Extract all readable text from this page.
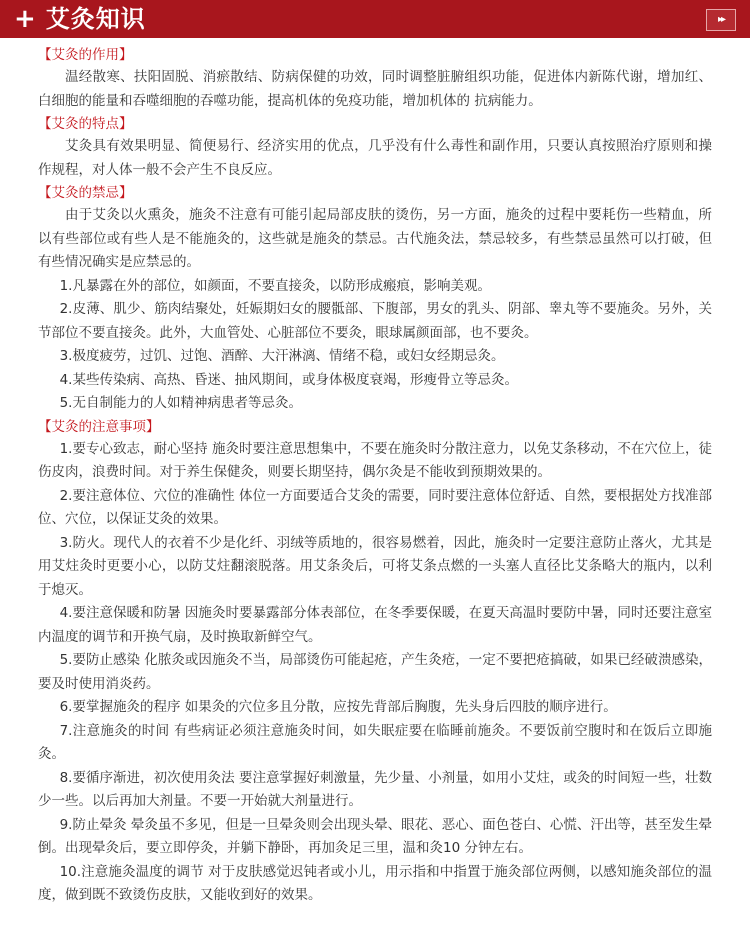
+ 艾灸知识	▸▸
【艾灸的作用】

温经散寒、扶阳固脱、消瘀散结、防病保健的功效，同时调整脏腑组织功能，促进体内新陈代谢，增加红、白细胞的能量和吞噬细胞的吞噬功能，提高机体的免疫功能，增加机体的 抗病能力。

【艾灸的特点】

艾灸具有效果明显、简便易行、经济实用的优点，几乎没有什么毒性和副作用，只要认真按照治疗原则和操作规程，对人体一般不会产生不良反应。

【艾灸的禁忌】

由于艾灸以火熏灸，施灸不注意有可能引起局部皮肤的烫伤，另一方面，施灸的过程中要耗伤一些精血，所以有些部位或有些人是不能施灸的，这些就是施灸的禁忌。古代施灸法，禁忌较多，有些禁忌虽然可以打破，但有些情况确实是应禁忌的。

1.凡暴露在外的部位，如颜面，不要直接灸，以防形成瘢痕，影响美观。

2.皮薄、肌少、筋肉结聚处，妊娠期妇女的腰骶部、下腹部，男女的乳头、阴部、睾丸等不要施灸。另外，关节部位不要直接灸。此外，大血管处、心脏部位不要灸，眼球属颜面部，也不要灸。

3.极度疲劳，过饥、过饱、酒醉、大汗淋漓、情绪不稳，或妇女经期忌灸。

4.某些传染病、高热、昏迷、抽风期间，或身体极度衰竭，形瘦骨立等忌灸。

5.无自制能力的人如精神病患者等忌灸。

【艾灸的注意事项】

1.要专心致志，耐心坚持 施灸时要注意思想集中，不要在施灸时分散注意力，以免艾条移动，不在穴位上，徒伤皮肉，浪费时间。对于养生保健灸，则要长期坚持，偶尔灸是不能收到预期效果的。

2.要注意体位、穴位的准确性 体位一方面要适合艾灸的需要，同时要注意体位舒适、自然，要根据处方找准部位、穴位，以保证艾灸的效果。

3.防火。现代人的衣着不少是化纤、羽绒等质地的，很容易燃着，因此，施灸时一定要注意防止落火，尤其是用艾炷灸时更要小心，以防艾炷翻滚脱落。用艾条灸后，可将艾条点燃的一头塞人直径比艾条略大的瓶内，以利于熄灭。

4.要注意保暖和防暑 因施灸时要暴露部分体表部位，在冬季要保暖，在夏天高温时要防中暑，同时还要注意室内温度的调节和开换气扇，及时换取新鲜空气。

5.要防止感染 化脓灸或因施灸不当，局部烫伤可能起疮，产生灸疮，一定不要把疮搞破，如果已经破溃感染，要及时使用消炎药。

6.要掌握施灸的程序 如果灸的穴位多且分散，应按先背部后胸腹，先头身后四肢的顺序进行。

7.注意施灸的时间 有些病证必须注意施灸时间，如失眠症要在临睡前施灸。不要饭前空腹时和在饭后立即施灸。

8.要循序渐进，初次使用灸法 要注意掌握好刺激量，先少量、小剂量，如用小艾炷，或灸的时间短一些，壮数少一些。以后再加大剂量。不要一开始就大剂量进行。

9.防止晕灸 晕灸虽不多见，但是一旦晕灸则会出现头晕、眼花、恶心、面色苍白、心慌、汗出等，甚至发生晕倒。出现晕灸后，要立即停灸，并躺下静卧，再加灸足三里，温和灸10 分钟左右。

10.注意施灸温度的调节 对于皮肤感觉迟钝者或小儿，用示指和中指置于施灸部位两侧，以感知施灸部位的温度，做到既不致烫伤皮肤，又能收到好的效果。
